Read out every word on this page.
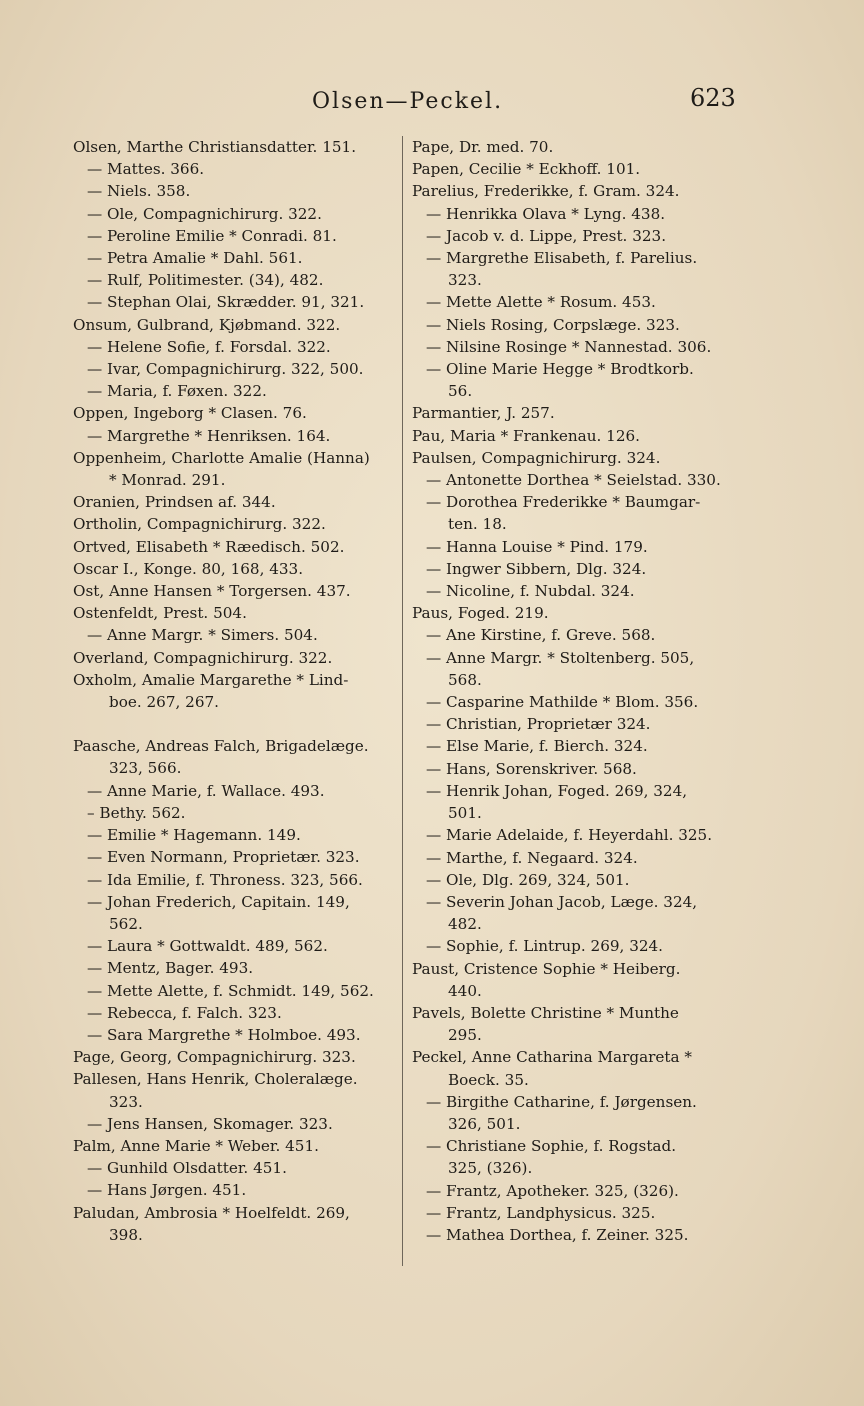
Olsen—Peckel.	623
Olsen, Marthe Christiansdatter. 151.
— Mattes. 366.
— Niels. 358.
— Ole, Compagnichirurg. 322.
— Peroline Emilie * Conradi. 81.
— Petra Amalie * Dahl. 561.
— Rulf, Politimester. (34), 482.
— Stephan Olai, Skrædder. 91, 321.
Onsum, Gulbrand, Kjøbmand. 322.
— Helene Sofie, f. Forsdal. 322.
— Ivar, Compagnichirurg. 322, 500.
— Maria, f. Føxen. 322.
Oppen, Ingeborg * Clasen. 76.
— Margrethe * Henriksen. 164.
Oppenheim, Charlotte Amalie (Hanna)
* Monrad. 291.
Oranien, Prindsen af. 344.
Ortholin, Compagnichirurg. 322.
Ortved, Elisabeth * Ræedisch. 502.
Oscar I., Konge. 80, 168, 433.
Ost, Anne Hansen * Torgersen. 437.
Ostenfeldt, Prest. 504.
— Anne Margr. * Simers. 504.
Overland, Compagnichirurg. 322.
Oxholm, Amalie Margarethe * Lind-
boe. 267, 267.
Paasche, Andreas Falch, Brigadelæge.
323, 566.
— Anne Marie, f. Wallace. 493.
– Bethy. 562.
— Emilie * Hagemann. 149.
— Even Normann, Proprietær. 323.
— Ida Emilie, f. Throness. 323, 566.
— Johan Frederich, Capitain. 149,
562.
— Laura * Gottwaldt. 489, 562.
— Mentz, Bager. 493.
— Mette Alette, f. Schmidt. 149, 562.
— Rebecca, f. Falch. 323.
— Sara Margrethe * Holmboe. 493.
Page, Georg, Compagnichirurg. 323.
Pallesen, Hans Henrik, Choleralæge.
323.
— Jens Hansen, Skomager. 323.
Palm, Anne Marie * Weber. 451.
— Gunhild Olsdatter. 451.
— Hans Jørgen. 451.
Paludan, Ambrosia * Hoelfeldt. 269,
398.
Pape, Dr. med. 70.
Papen, Cecilie * Eckhoff. 101.
Parelius, Frederikke, f. Gram. 324.
— Henrikka Olava * Lyng. 438.
— Jacob v. d. Lippe, Prest. 323.
— Margrethe Elisabeth, f. Parelius.
323.
— Mette Alette * Rosum. 453.
— Niels Rosing, Corpslæge. 323.
— Nilsine Rosinge * Nannestad. 306.
— Oline Marie Hegge * Brodtkorb.
56.
Parmantier, J. 257.
Pau, Maria * Frankenau. 126.
Paulsen, Compagnichirurg. 324.
— Antonette Dorthea * Seielstad. 330.
— Dorothea Frederikke * Baumgar-
ten. 18.
— Hanna Louise * Pind. 179.
— Ingwer Sibbern, Dlg. 324.
— Nicoline, f. Nubdal. 324.
Paus, Foged. 219.
— Ane Kirstine, f. Greve. 568.
— Anne Margr. * Stoltenberg. 505,
568.
— Casparine Mathilde * Blom. 356.
— Christian, Proprietær 324.
— Else Marie, f. Bierch. 324.
— Hans, Sorenskriver. 568.
— Henrik Johan, Foged. 269, 324,
501.
— Marie Adelaide, f. Heyerdahl. 325.
— Marthe, f. Negaard. 324.
— Ole, Dlg. 269, 324, 501.
— Severin Johan Jacob, Læge. 324,
482.
— Sophie, f. Lintrup. 269, 324.
Paust, Cristence Sophie * Heiberg.
440.
Pavels, Bolette Christine * Munthe
295.
Peckel, Anne Catharina Margareta *
Boeck. 35.
— Birgithe Catharine, f. Jørgensen.
326, 501.
— Christiane Sophie, f. Rogstad.
325, (326).
— Frantz, Apotheker. 325, (326).
— Frantz, Landphysicus. 325.
— Mathea Dorthea, f. Zeiner. 325.
